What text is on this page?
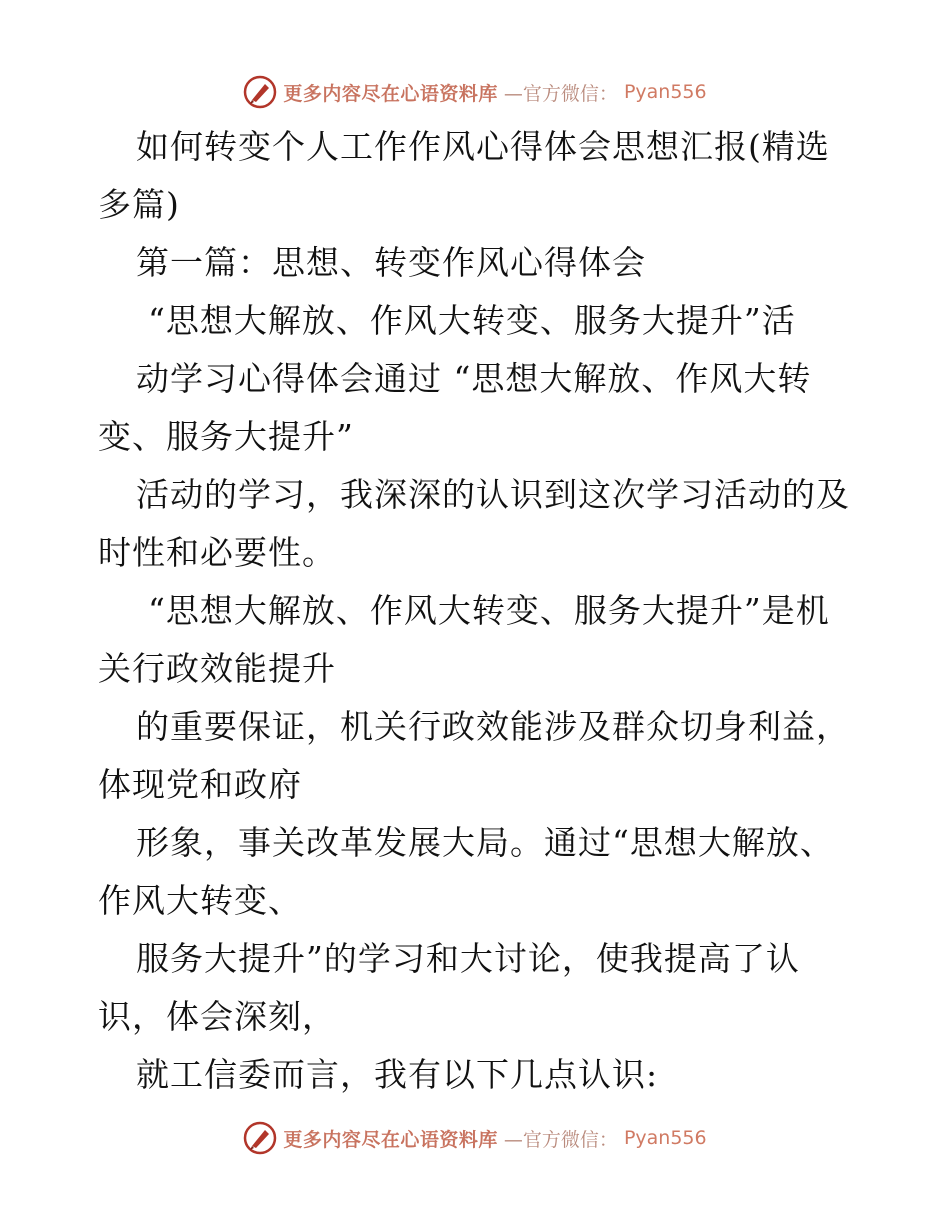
更多内容尽在心语资料库 —官方微信： Pyan556
如何转变个人工作作风心得体会思想汇报(精选
多篇)
第一篇：思想、转变作风心得体会
“思想大解放、作风大转变、服务大提升”活
动学习心得体会通过 “思想大解放、作风大转
变、服务大提升”
活动的学习，我深深的认识到这次学习活动的及
时性和必要性。
“思想大解放、作风大转变、服务大提升”是机
关行政效能提升
的重要保证，机关行政效能涉及群众切身利益，
体现党和政府
形象，事关改革发展大局。通过“思想大解放、
作风大转变、
服务大提升”的学习和大讨论，使我提高了认
识，体会深刻，
就工信委而言，我有以下几点认识:
更多内容尽在心语资料库 —官方微信： Pyan556
